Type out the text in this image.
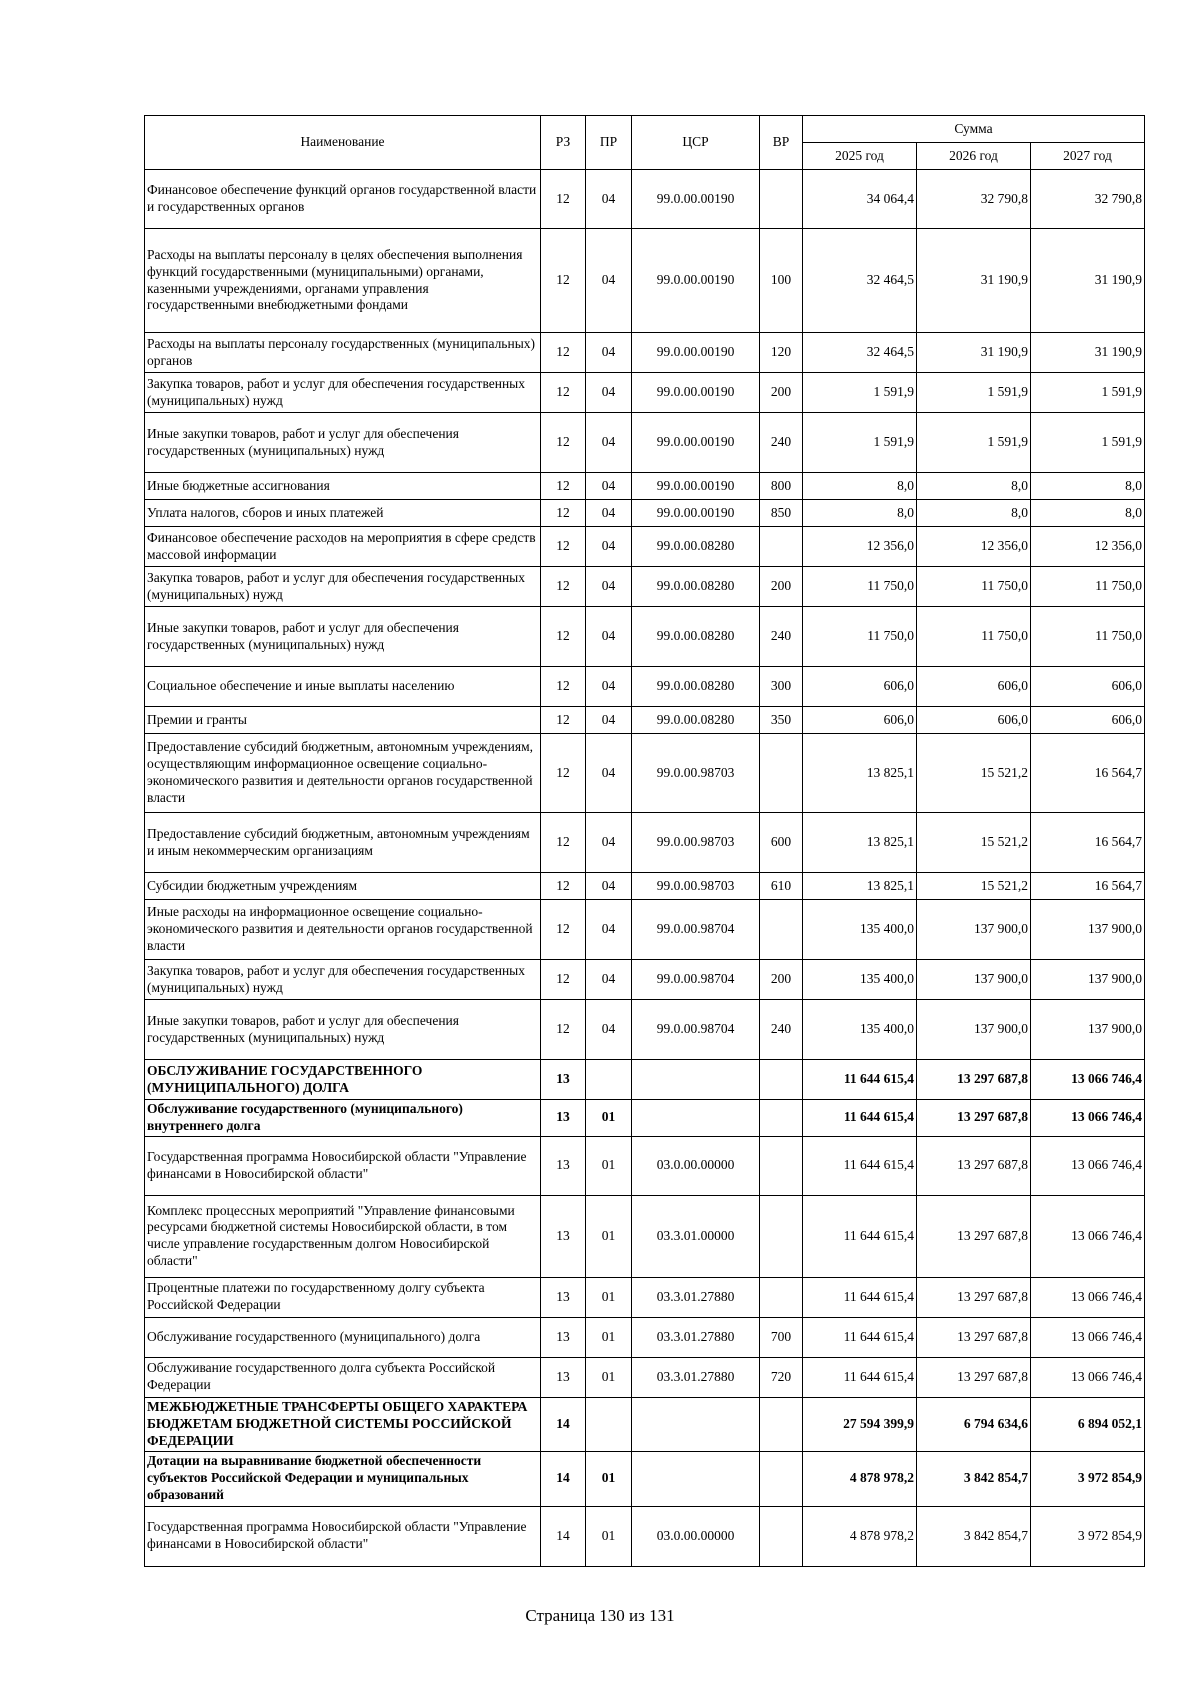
Наименование	РЗ	ПР	ЦСР	ВР	Сумма		
					2025 год	2026 год	2027 год
Финансовое обеспечение функций органов государственной власти и государственных органов	12	04	99.0.00.00190		34 064,4	32 790,8	32 790,8
Расходы на выплаты персоналу в целях обеспечения выполнения функций государственными (муниципальными) органами, казенными учреждениями, органами управления государственными внебюджетными фондами	12	04	99.0.00.00190	100	32 464,5	31 190,9	31 190,9
Расходы на выплаты персоналу государственных (муниципальных) органов	12	04	99.0.00.00190	120	32 464,5	31 190,9	31 190,9
Закупка товаров, работ и услуг для обеспечения государственных (муниципальных) нужд	12	04	99.0.00.00190	200	1 591,9	1 591,9	1 591,9
Иные закупки товаров, работ и услуг для обеспечения государственных (муниципальных) нужд	12	04	99.0.00.00190	240	1 591,9	1 591,9	1 591,9
Иные бюджетные ассигнования	12	04	99.0.00.00190	800	8,0	8,0	8,0
Уплата налогов, сборов и иных платежей	12	04	99.0.00.00190	850	8,0	8,0	8,0
Финансовое обеспечение расходов на мероприятия в сфере средств массовой информации	12	04	99.0.00.08280		12 356,0	12 356,0	12 356,0
Закупка товаров, работ и услуг для обеспечения государственных (муниципальных) нужд	12	04	99.0.00.08280	200	11 750,0	11 750,0	11 750,0
Иные закупки товаров, работ и услуг для обеспечения государственных (муниципальных) нужд	12	04	99.0.00.08280	240	11 750,0	11 750,0	11 750,0
Социальное обеспечение и иные выплаты населению	12	04	99.0.00.08280	300	606,0	606,0	606,0
Премии и гранты	12	04	99.0.00.08280	350	606,0	606,0	606,0
Предоставление субсидий бюджетным, автономным учреждениям, осуществляющим информационное освещение социально-экономического развития и деятельности органов государственной власти	12	04	99.0.00.98703		13 825,1	15 521,2	16 564,7
Предоставление субсидий бюджетным, автономным учреждениям и иным некоммерческим организациям	12	04	99.0.00.98703	600	13 825,1	15 521,2	16 564,7
Субсидии бюджетным учреждениям	12	04	99.0.00.98703	610	13 825,1	15 521,2	16 564,7
Иные расходы на информационное освещение социально-экономического развития и деятельности органов государственной власти	12	04	99.0.00.98704		135 400,0	137 900,0	137 900,0
Закупка товаров, работ и услуг для обеспечения государственных (муниципальных) нужд	12	04	99.0.00.98704	200	135 400,0	137 900,0	137 900,0
Иные закупки товаров, работ и услуг для обеспечения государственных (муниципальных) нужд	12	04	99.0.00.98704	240	135 400,0	137 900,0	137 900,0
ОБСЛУЖИВАНИЕ ГОСУДАРСТВЕННОГО (МУНИЦИПАЛЬНОГО) ДОЛГА	13				11 644 615,4	13 297 687,8	13 066 746,4
Обслуживание государственного (муниципального) внутреннего долга	13	01			11 644 615,4	13 297 687,8	13 066 746,4
Государственная программа Новосибирской области "Управление финансами в Новосибирской области"	13	01	03.0.00.00000		11 644 615,4	13 297 687,8	13 066 746,4
Комплекс процессных мероприятий "Управление финансовыми ресурсами бюджетной системы Новосибирской области, в том числе управление государственным долгом Новосибирской области"	13	01	03.3.01.00000		11 644 615,4	13 297 687,8	13 066 746,4
Процентные платежи по государственному долгу субъекта Российской Федерации	13	01	03.3.01.27880		11 644 615,4	13 297 687,8	13 066 746,4
Обслуживание государственного (муниципального) долга	13	01	03.3.01.27880	700	11 644 615,4	13 297 687,8	13 066 746,4
Обслуживание государственного долга субъекта Российской Федерации	13	01	03.3.01.27880	720	11 644 615,4	13 297 687,8	13 066 746,4
МЕЖБЮДЖЕТНЫЕ ТРАНСФЕРТЫ ОБЩЕГО ХАРАКТЕРА БЮДЖЕТАМ БЮДЖЕТНОЙ СИСТЕМЫ РОССИЙСКОЙ ФЕДЕРАЦИИ	14				27 594 399,9	6 794 634,6	6 894 052,1
Дотации на выравнивание бюджетной обеспеченности субъектов Российской Федерации и муниципальных образований	14	01			4 878 978,2	3 842 854,7	3 972 854,9
Государственная программа Новосибирской области "Управление финансами в Новосибирской области"	14	01	03.0.00.00000		4 878 978,2	3 842 854,7	3 972 854,9
Страница 130 из 131
